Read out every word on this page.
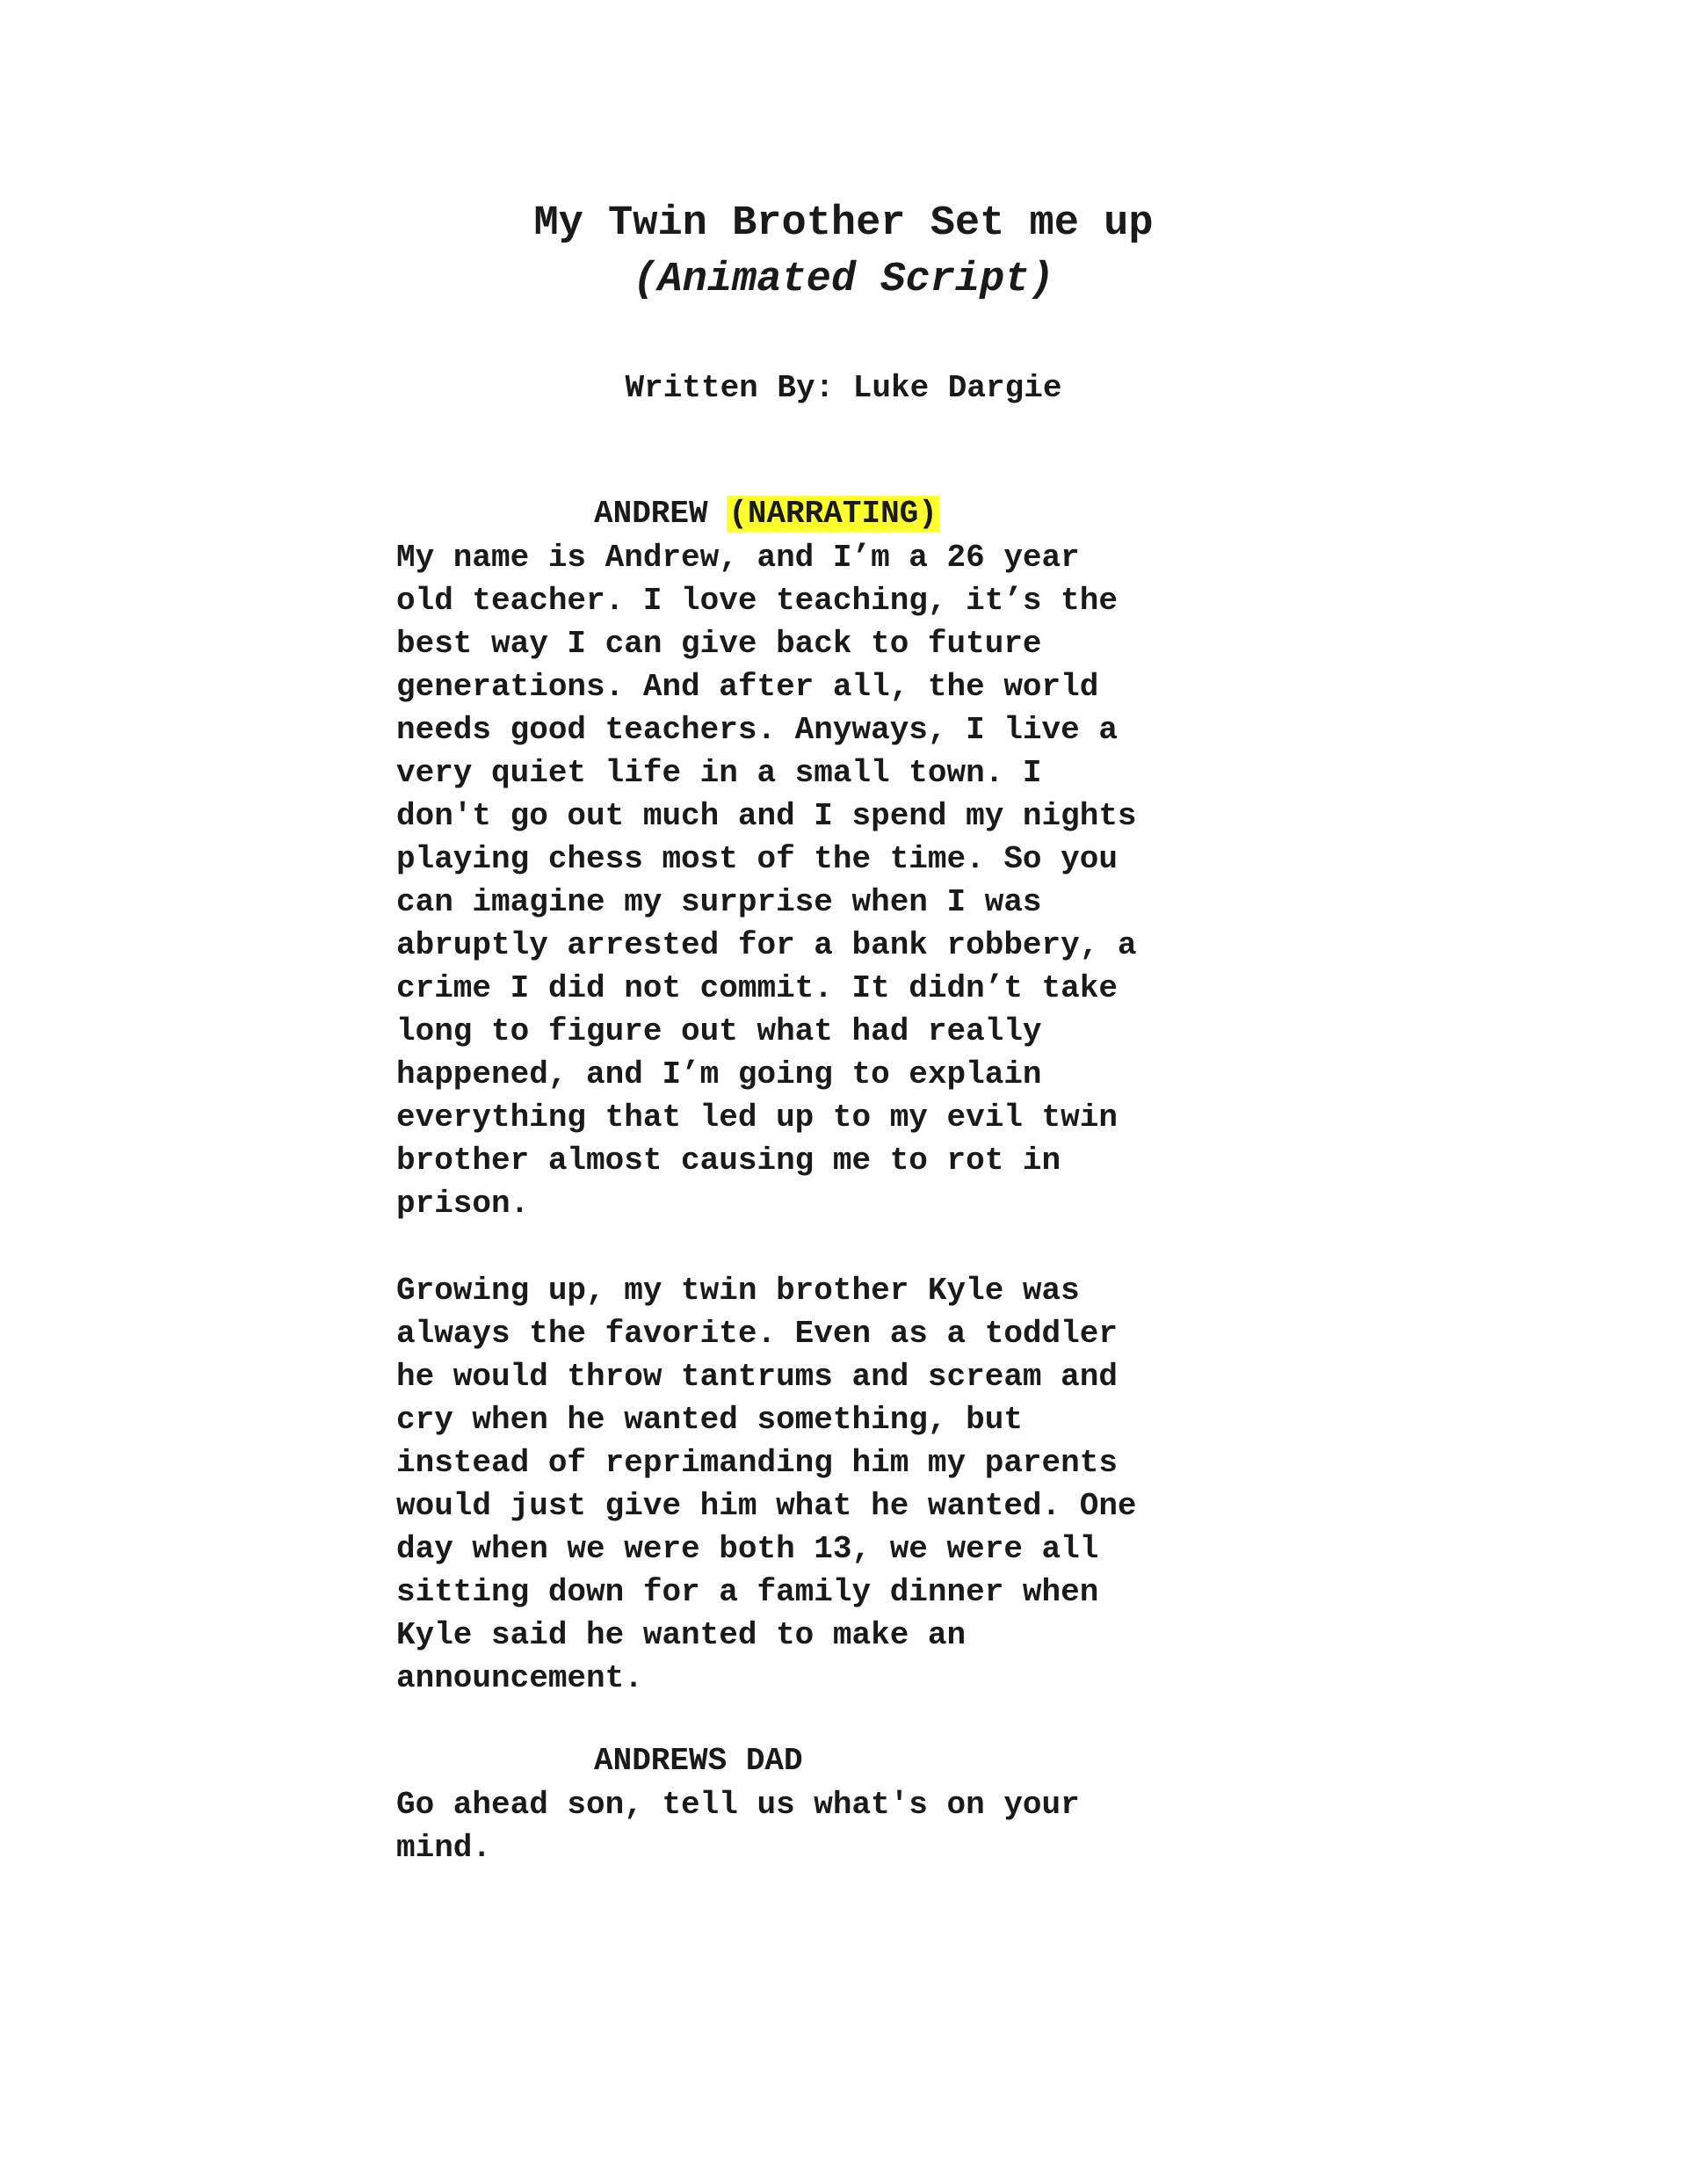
My Twin Brother Set me up
(Animated Script)
Written By: Luke Dargie
ANDREW (NARRATING)
My name is Andrew, and I’m a 26 year
old teacher. I love teaching, it’s the
best way I can give back to future
generations. And after all, the world
needs good teachers. Anyways, I live a
very quiet life in a small town. I
don't go out much and I spend my nights
playing chess most of the time. So you
can imagine my surprise when I was
abruptly arrested for a bank robbery, a
crime I did not commit. It didn’t take
long to figure out what had really
happened, and I’m going to explain
everything that led up to my evil twin
brother almost causing me to rot in
prison.
Growing up, my twin brother Kyle was
always the favorite. Even as a toddler
he would throw tantrums and scream and
cry when he wanted something, but
instead of reprimanding him my parents
would just give him what he wanted. One
day when we were both 13, we were all
sitting down for a family dinner when
Kyle said he wanted to make an
announcement.
ANDREWS DAD
Go ahead son, tell us what's on your
mind.
